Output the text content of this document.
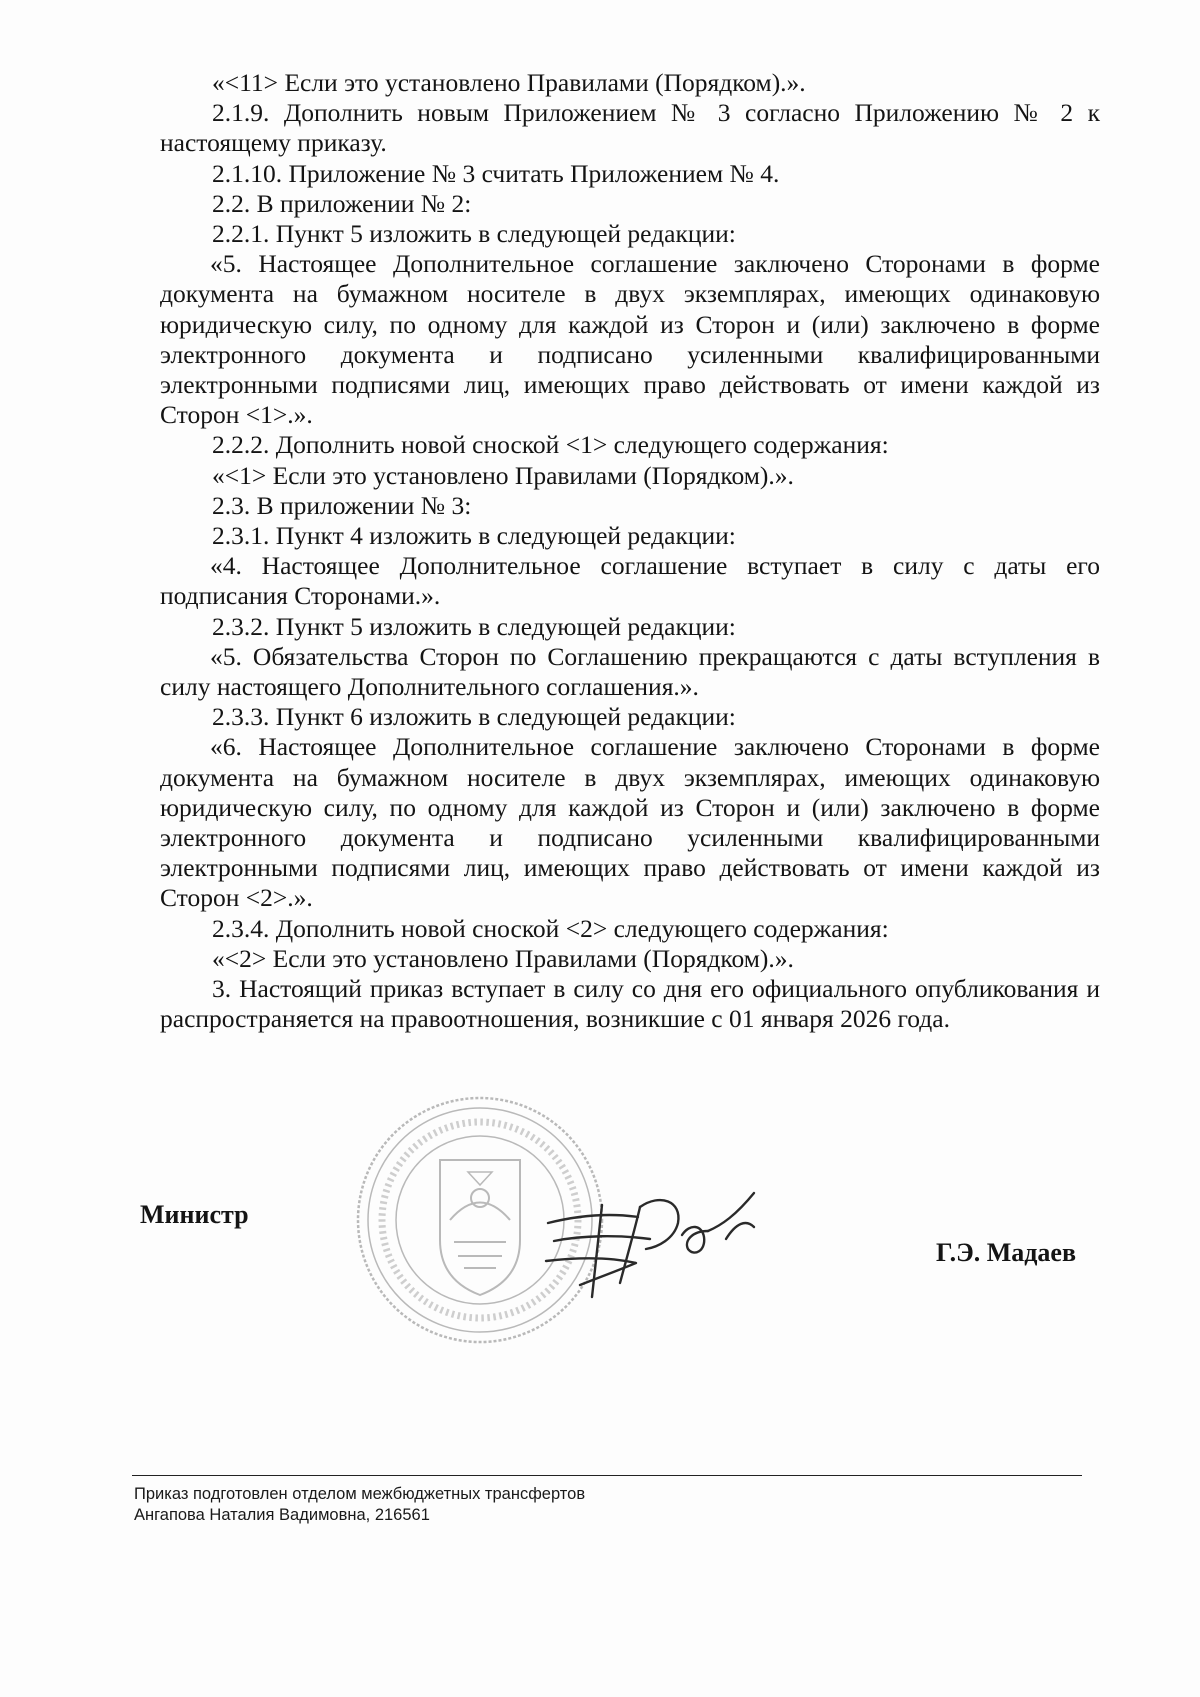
«<11> Если это установлено Правилами (Порядком).».

2.1.9. Дополнить новым Приложением № 3 согласно Приложению № 2 к настоящему приказу.

2.1.10. Приложение № 3 считать Приложением № 4.

2.2. В приложении № 2:

2.2.1. Пункт 5 изложить в следующей редакции:

«5. Настоящее Дополнительное соглашение заключено Сторонами в форме документа на бумажном носителе в двух экземплярах, имеющих одинаковую юридическую силу, по одному для каждой из Сторон и (или) заключено в форме электронного документа и подписано усиленными квалифицированными электронными подписями лиц, имеющих право действовать от имени каждой из Сторон <1>.».

2.2.2. Дополнить новой сноской <1> следующего содержания:

«<1> Если это установлено Правилами (Порядком).».

2.3. В приложении № 3:

2.3.1. Пункт 4 изложить в следующей редакции:

«4. Настоящее Дополнительное соглашение вступает в силу с даты его подписания Сторонами.».

2.3.2. Пункт 5 изложить в следующей редакции:

«5. Обязательства Сторон по Соглашению прекращаются с даты вступления в силу настоящего Дополнительного соглашения.».

2.3.3. Пункт 6 изложить в следующей редакции:

«6. Настоящее Дополнительное соглашение заключено Сторонами в форме документа на бумажном носителе в двух экземплярах, имеющих одинаковую юридическую силу, по одному для каждой из Сторон и (или) заключено в форме электронного документа и подписано усиленными квалифицированными электронными подписями лиц, имеющих право действовать от имени каждой из Сторон <2>.».

2.3.4. Дополнить новой сноской <2> следующего содержания:

«<2> Если это установлено Правилами (Порядком).».

3. Настоящий приказ вступает в силу со дня его официального опубликования и распространяется на правоотношения, возникшие с 01 января 2026 года.

Министр
Г.Э. Мадаев
Приказ подготовлен отделом межбюджетных трансфертов
Ангапова Наталия Вадимовна, 216561
